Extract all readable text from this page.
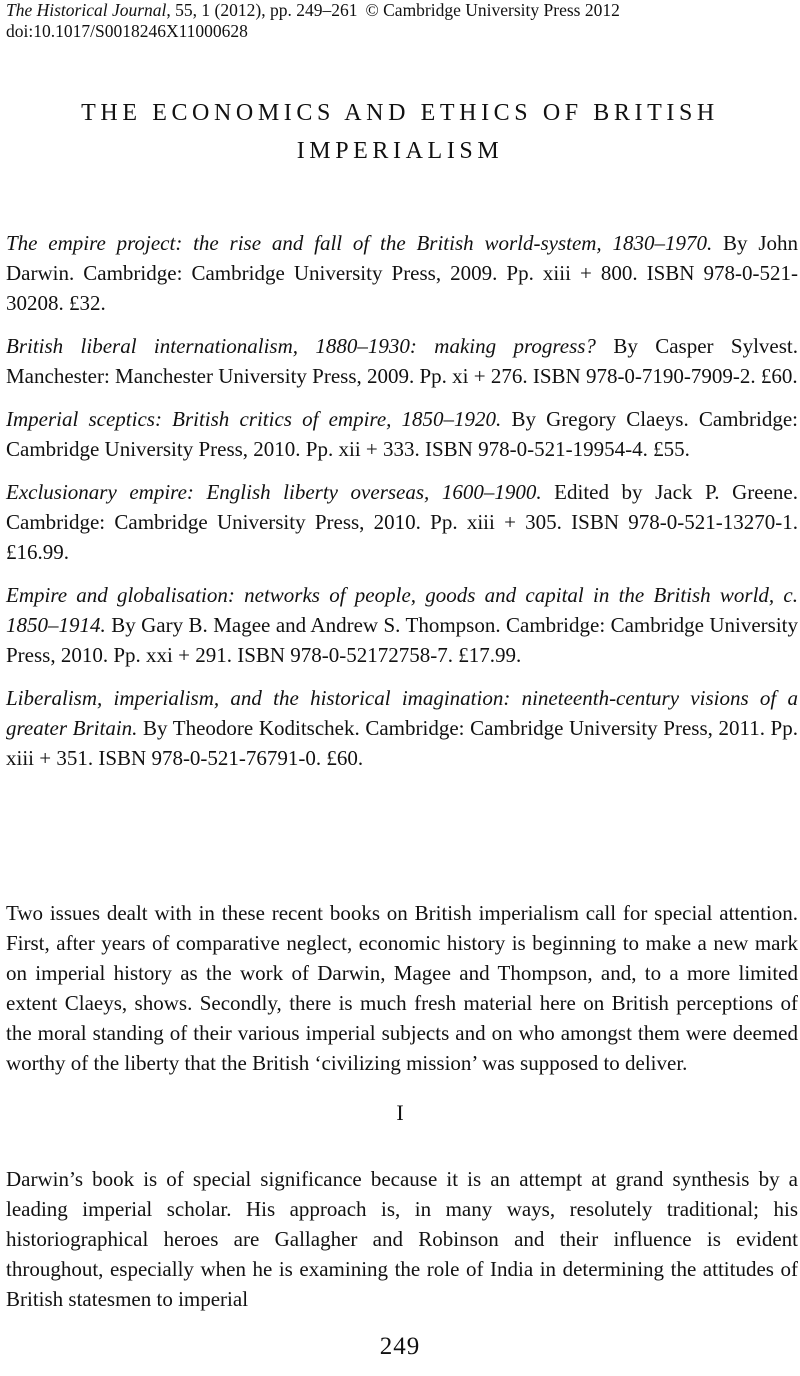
The Historical Journal, 55, 1 (2012), pp. 249–261 © Cambridge University Press 2012
doi:10.1017/S0018246X11000628
THE ECONOMICS AND ETHICS OF BRITISH IMPERIALISM

The empire project: the rise and fall of the British world-system, 1830–1970. By John Darwin. Cambridge: Cambridge University Press, 2009. Pp. xiii + 800. ISBN 978-0-521-30208. £32.

British liberal internationalism, 1880–1930: making progress? By Casper Sylvest. Manchester: Manchester University Press, 2009. Pp. xi + 276. ISBN 978-0-7190-7909-2. £60.

Imperial sceptics: British critics of empire, 1850–1920. By Gregory Claeys. Cambridge: Cambridge University Press, 2010. Pp. xii + 333. ISBN 978-0-521-19954-4. £55.

Exclusionary empire: English liberty overseas, 1600–1900. Edited by Jack P. Greene. Cambridge: Cambridge University Press, 2010. Pp. xiii + 305. ISBN 978-0-521-13270-1. £16.99.

Empire and globalisation: networks of people, goods and capital in the British world, c. 1850–1914. By Gary B. Magee and Andrew S. Thompson. Cambridge: Cambridge University Press, 2010. Pp. xxi + 291. ISBN 978-0-52172758-7. £17.99.

Liberalism, imperialism, and the historical imagination: nineteenth-century visions of a greater Britain. By Theodore Koditschek. Cambridge: Cambridge University Press, 2011. Pp. xiii + 351. ISBN 978-0-521-76791-0. £60.

Two issues dealt with in these recent books on British imperialism call for special attention. First, after years of comparative neglect, economic history is beginning to make a new mark on imperial history as the work of Darwin, Magee and Thompson, and, to a more limited extent Claeys, shows. Secondly, there is much fresh material here on British perceptions of the moral standing of their various imperial subjects and on who amongst them were deemed worthy of the liberty that the British ‘civilizing mission’ was supposed to deliver.

I

Darwin’s book is of special significance because it is an attempt at grand synthesis by a leading imperial scholar. His approach is, in many ways, resolutely traditional; his historiographical heroes are Gallagher and Robinson and their influence is evident throughout, especially when he is examining the role of India in determining the attitudes of British statesmen to imperial

249
